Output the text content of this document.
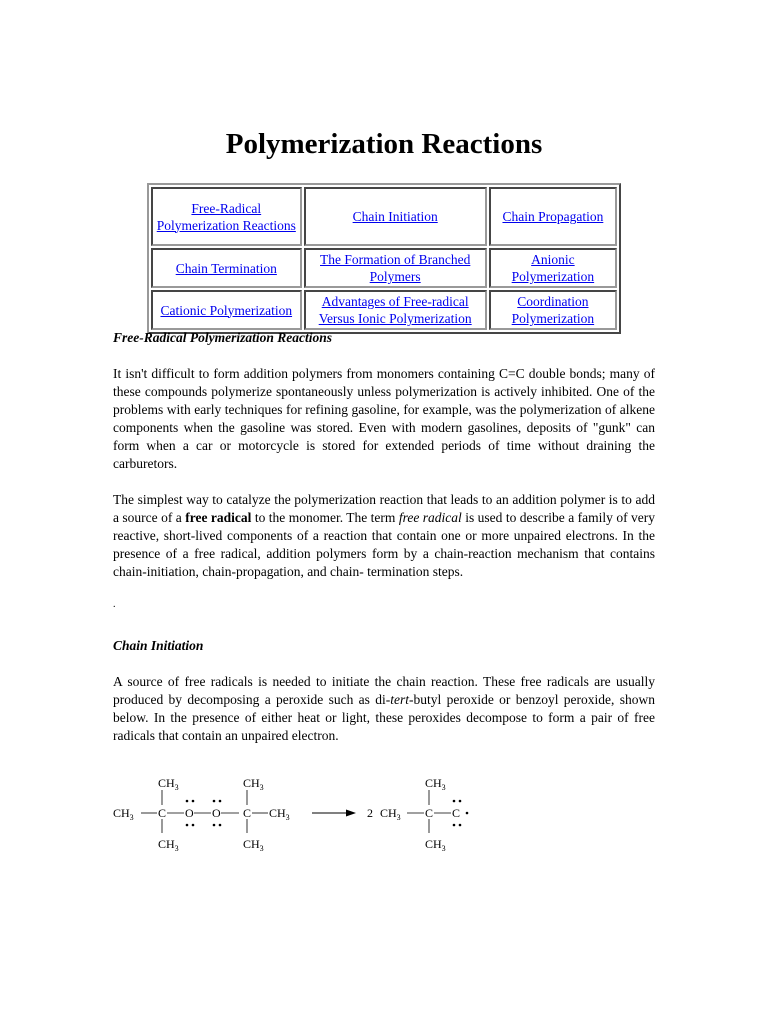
Polymerization Reactions
Free-Radical Polymerization Reactions	Chain Initiation	Chain Propagation
Chain Termination	The Formation of Branched Polymers	Anionic Polymerization
Cationic Polymerization	Advantages of Free-radical Versus Ionic Polymerization	Coordination Polymerization

Free-Radical Polymerization Reactions

It isn't difficult to form addition polymers from monomers containing C=C double bonds; many of these compounds polymerize spontaneously unless polymerization is actively inhibited. One of the problems with early techniques for refining gasoline, for example, was the polymerization of alkene components when the gasoline was stored. Even with modern gasolines, deposits of "gunk" can form when a car or motorcycle is stored for extended periods of time without draining the carburetors.

The simplest way to catalyze the polymerization reaction that leads to an addition polymer is to add a source of a free radical to the monomer. The term free radical is used to describe a family of very reactive, short-lived components of a reaction that contain one or more unpaired electrons. In the presence of a free radical, addition polymers form by a chain-reaction mechanism that contains chain-initiation, chain-propagation, and chain- termination steps.

.

Chain Initiation

A source of free radicals is needed to initiate the chain reaction. These free radicals are usually produced by decomposing a peroxide such as di-tert-butyl peroxide or benzoyl peroxide, shown below. In the presence of either heat or light, these peroxides decompose to form a pair of free radicals that contain an unpaired electron.

$CH_3$
$CH_3$ C
$CH_3$
O O
$CH_3$
C
$CH_3$
$CH_3$	2 $CH_3$ C
$CH_3$
$CH_3$
C
